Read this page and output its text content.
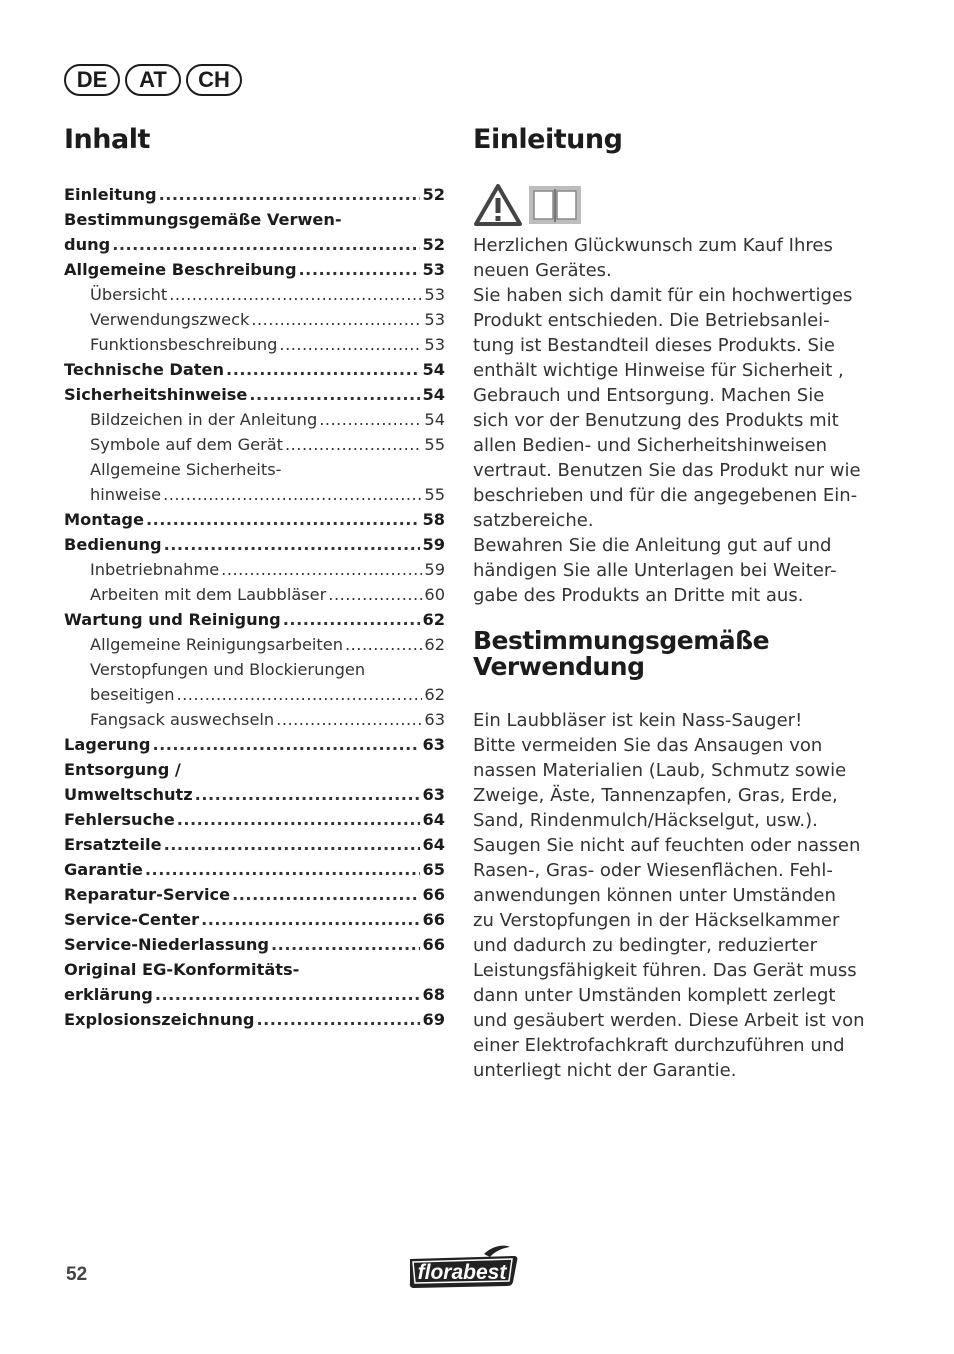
DE	AT	CH
Inhalt
Einleitung .....	52
Bestimmungsgemäße Verwen-
dung .....	52
Allgemeine Beschreibung .....	53
Übersicht .....	53
Verwendungszweck .....	53
Funktionsbeschreibung .....	53
Technische Daten .....	54
Sicherheitshinweise .....	54
Bildzeichen in der Anleitung .....	54
Symbole auf dem Gerät .....	55
Allgemeine Sicherheits-
hinweise .....	55
Montage .....	58
Bedienung .....	59
Inbetriebnahme .....	59
Arbeiten mit dem Laubbläser .....	60
Wartung und Reinigung .....	62
Allgemeine Reinigungsarbeiten .....	62
Verstopfungen und Blockierungen
beseitigen .....	62
Fangsack auswechseln .....	63
Lagerung .....	63
Entsorgung /
Umweltschutz .....	63
Fehlersuche .....	64
Ersatzteile .....	64
Garantie .....	65
Reparatur-Service .....	66
Service-Center .....	66
Service-Niederlassung .....	66
Original EG-Konformitäts-
erklärung .....	68
Explosionszeichnung .....	69
Einleitung
Herzlichen Glückwunsch zum Kauf Ihres
neuen Gerätes.
Sie haben sich damit für ein hochwertiges
Produkt entschieden. Die Betriebsanlei-
tung ist Bestandteil dieses Produkts. Sie
enthält wichtige Hinweise für Sicherheit ,
Gebrauch und Entsorgung. Machen Sie
sich vor der Benutzung des Produkts mit
allen Bedien- und Sicherheitshinweisen
vertraut. Benutzen Sie das Produkt nur wie
beschrieben und für die angegebenen Ein-
satzbereiche.
Bewahren Sie die Anleitung gut auf und
händigen Sie alle Unterlagen bei Weiter-
gabe des Produkts an Dritte mit aus.
Bestimmungsgemäße
Verwendung
Ein Laubbläser ist kein Nass-Sauger!
Bitte vermeiden Sie das Ansaugen von
nassen Materialien (Laub, Schmutz sowie
Zweige, Äste, Tannenzapfen, Gras, Erde,
Sand, Rindenmulch/Häckselgut, usw.).
Saugen Sie nicht auf feuchten oder nassen
Rasen-, Gras- oder Wiesenflächen. Fehl-
anwendungen können unter Umständen
zu Verstopfungen in der Häckselkammer
und dadurch zu bedingter, reduzierter
Leistungsfähigkeit führen. Das Gerät muss
dann unter Umständen komplett zerlegt
und gesäubert werden. Diese Arbeit ist von
einer Elektrofachkraft durchzuführen und
unterliegt nicht der Garantie.
52	florabest
